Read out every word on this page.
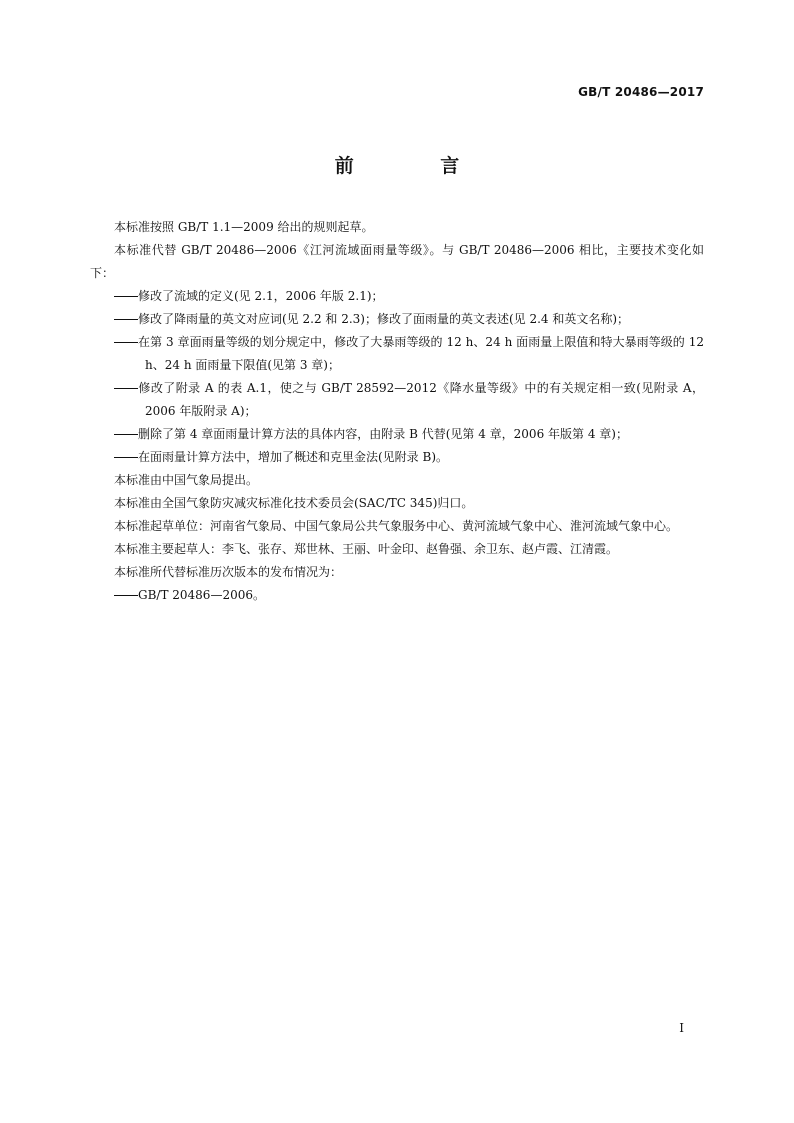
GB/T 20486—2017
前 言
本标准按照 GB/T 1.1—2009 给出的规则起草。
本标准代替 GB/T 20486—2006《江河流域面雨量等级》。与 GB/T 20486—2006 相比，主要技术变化如下：
修改了流域的定义(见 2.1，2006 年版 2.1)；
修改了降雨量的英文对应词(见 2.2 和 2.3)；修改了面雨量的英文表述(见 2.4 和英文名称)；
在第 3 章面雨量等级的划分规定中，修改了大暴雨等级的 12 h、24 h 面雨量上限值和特大暴雨等级的 12 h、24 h 面雨量下限值(见第 3 章)；
修改了附录 A 的表 A.1，使之与 GB/T 28592—2012《降水量等级》中的有关规定相一致(见附录 A，2006 年版附录 A)；
删除了第 4 章面雨量计算方法的具体内容，由附录 B 代替(见第 4 章，2006 年版第 4 章)；
在面雨量计算方法中，增加了概述和克里金法(见附录 B)。
本标准由中国气象局提出。
本标准由全国气象防灾减灾标准化技术委员会(SAC/TC 345)归口。
本标准起草单位：河南省气象局、中国气象局公共气象服务中心、黄河流域气象中心、淮河流域气象中心。
本标准主要起草人：李飞、张存、郑世林、王丽、叶金印、赵鲁强、余卫东、赵卢霞、江清霞。
本标准所代替标准历次版本的发布情况为：
GB/T 20486—2006。
I
